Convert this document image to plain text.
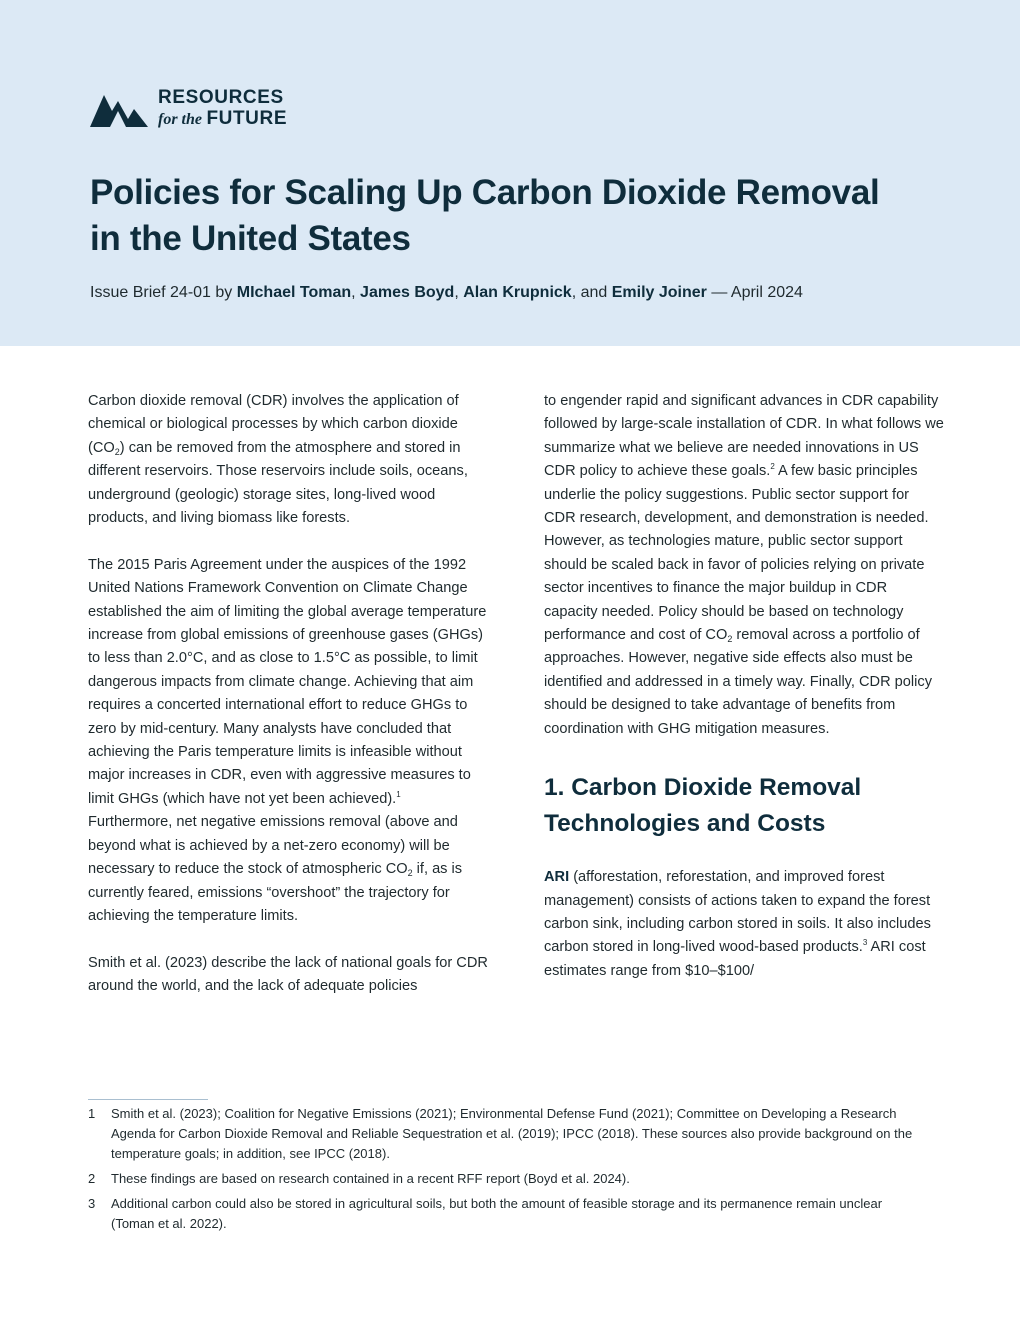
RESOURCES
for the FUTURE
Policies for Scaling Up Carbon Dioxide Removal in the United States
Issue Brief 24-01 by MIchael Toman, James Boyd, Alan Krupnick, and Emily Joiner — April 2024

Carbon dioxide removal (CDR) involves the application of chemical or biological processes by which carbon dioxide $(CO_2)$ can be removed from the atmosphere and stored in different reservoirs. Those reservoirs include soils, oceans, underground (geologic) storage sites, long-lived wood products, and living biomass like forests.

The 2015 Paris Agreement under the auspices of the 1992 United Nations Framework Convention on Climate Change established the aim of limiting the global average temperature increase from global emissions of greenhouse gases (GHGs) to less than 2.0°C, and as close to 1.5°C as possible, to limit dangerous impacts from climate change. Achieving that aim requires a concerted international effort to reduce GHGs to zero by mid-century. Many analysts have concluded that achieving the Paris temperature limits is infeasible without major increases in CDR, even with aggressive measures to limit GHGs (which have not yet been achieved).$^1$ Furthermore, net negative emissions removal (above and beyond what is achieved by a net-zero economy) will be necessary to reduce the stock of atmospheric $CO_2$ if, as is currently feared, emissions “overshoot” the trajectory for achieving the temperature limits.

Smith et al. (2023) describe the lack of national goals for CDR around the world, and the lack of adequate policies

to engender rapid and significant advances in CDR capability followed by large-scale installation of CDR. In what follows we summarize what we believe are needed innovations in US CDR policy to achieve these goals.$^2$ A few basic principles underlie the policy suggestions. Public sector support for CDR research, development, and demonstration is needed. However, as technologies mature, public sector support should be scaled back in favor of policies relying on private sector incentives to finance the major buildup in CDR capacity needed. Policy should be based on technology performance and cost of $CO_2$ removal across a portfolio of approaches. However, negative side effects also must be identified and addressed in a timely way. Finally, CDR policy should be designed to take advantage of benefits from coordination with GHG mitigation measures.

1. Carbon Dioxide Removal Technologies and Costs

ARI (afforestation, reforestation, and improved forest management) consists of actions taken to expand the forest carbon sink, including carbon stored in soils. It also includes carbon stored in long-lived wood-based products.$^3$ ARI cost estimates range from $10–$100/

1 Smith et al. (2023); Coalition for Negative Emissions (2021); Environmental Defense Fund (2021); Committee on Developing a Research Agenda for Carbon Dioxide Removal and Reliable Sequestration et al. (2019); IPCC (2018). These sources also provide background on the temperature goals; in addition, see IPCC (2018).
2 These findings are based on research contained in a recent RFF report (Boyd et al. 2024).
3 Additional carbon could also be stored in agricultural soils, but both the amount of feasible storage and its permanence remain unclear (Toman et al. 2022).
